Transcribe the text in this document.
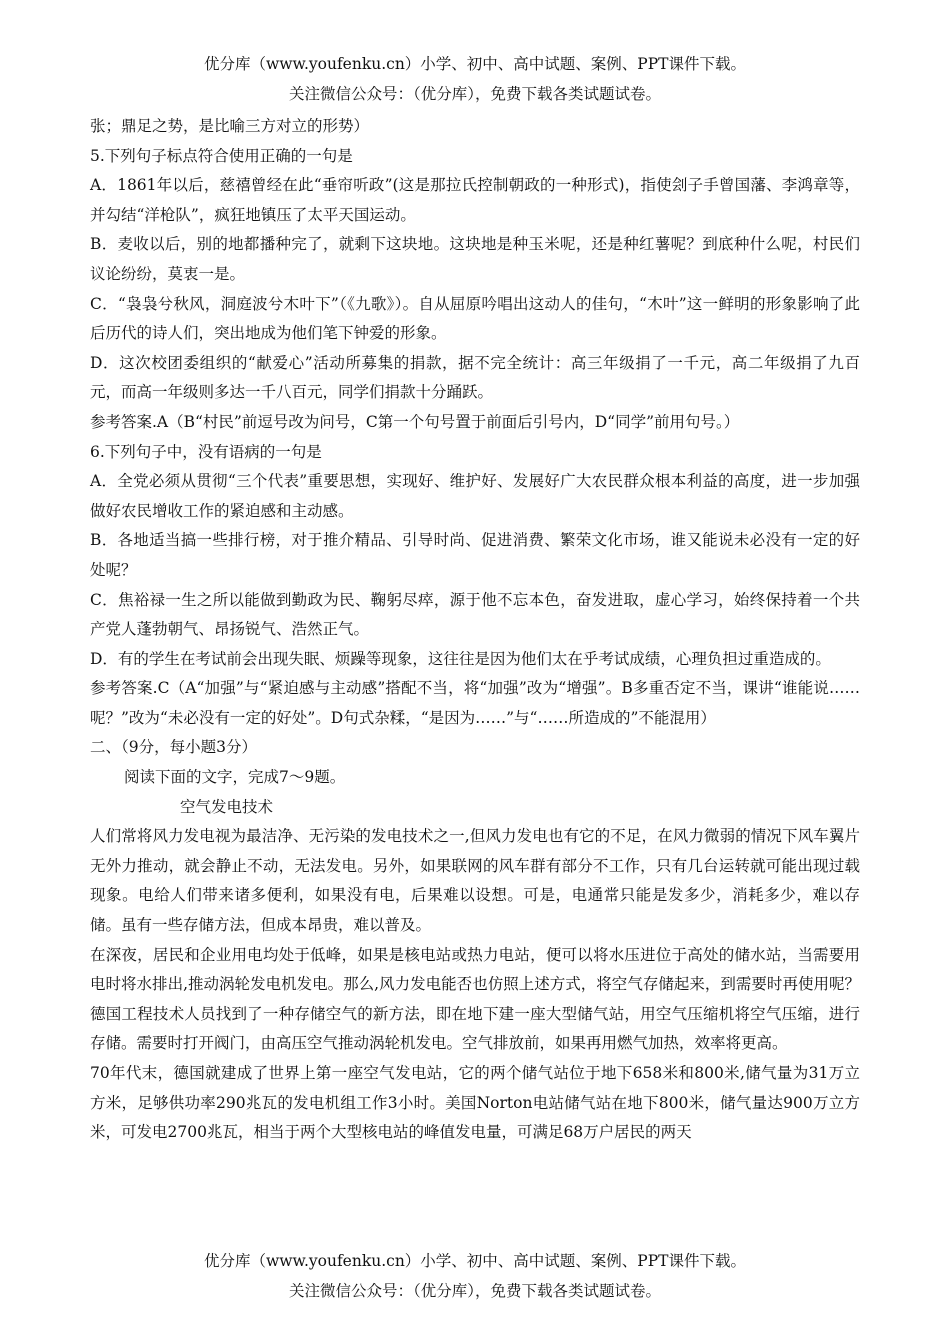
优分库（www.youfenku.cn）小学、初中、高中试题、案例、PPT课件下载。
关注微信公众号：（优分库），免费下载各类试题试卷。

张；鼎足之势，是比喻三方对立的形势）

5.下列句子标点符合使用正确的一句是

A．1861年以后，慈禧曾经在此“垂帘听政”(这是那拉氏控制朝政的一种形式)，指使刽子手曾国藩、李鸿章等，并勾结“洋枪队”，疯狂地镇压了太平天国运动。

B．麦收以后，别的地都播种完了，就剩下这块地。这块地是种玉米呢，还是种红薯呢？到底种什么呢，村民们议论纷纷，莫衷一是。

C．“袅袅兮秋风，洞庭波兮木叶下”（《九歌》）。自从屈原吟唱出这动人的佳句，“木叶”这一鲜明的形象影响了此后历代的诗人们，突出地成为他们笔下钟爱的形象。

D．这次校团委组织的“献爱心”活动所募集的捐款，据不完全统计：高三年级捐了一千元，高二年级捐了九百元，而高一年级则多达一千八百元，同学们捐款十分踊跃。

参考答案.A（B“村民”前逗号改为问号，C第一个句号置于前面后引号内，D“同学”前用句号。）

6.下列句子中，没有语病的一句是

A．全党必须从贯彻“三个代表”重要思想，实现好、维护好、发展好广大农民群众根本利益的高度，进一步加强做好农民增收工作的紧迫感和主动感。

B．各地适当搞一些排行榜，对于推介精品、引导时尚、促进消费、繁荣文化市场，谁又能说未必没有一定的好处呢？

C．焦裕禄一生之所以能做到勤政为民、鞠躬尽瘁，源于他不忘本色，奋发进取，虚心学习，始终保持着一个共产党人蓬勃朝气、昂扬锐气、浩然正气。

D．有的学生在考试前会出现失眠、烦躁等现象，这往往是因为他们太在乎考试成绩，心理负担过重造成的。

参考答案.C（A“加强”与“紧迫感与主动感”搭配不当，将“加强”改为“增强”。B多重否定不当，课讲“谁能说……呢？”改为“未必没有一定的好处”。D句式杂糅，“是因为……”与“……所造成的”不能混用）

二、（9分，每小题3分）

阅读下面的文字，完成7～9题。

空气发电技术

人们常将风力发电视为最洁净、无污染的发电技术之一,但风力发电也有它的不足，在风力微弱的情况下风车翼片无外力推动，就会静止不动，无法发电。另外，如果联网的风车群有部分不工作，只有几台运转就可能出现过载现象。电给人们带来诸多便利，如果没有电，后果难以设想。可是，电通常只能是发多少，消耗多少，难以存储。虽有一些存储方法，但成本昂贵，难以普及。

在深夜，居民和企业用电均处于低峰，如果是核电站或热力电站，便可以将水压进位于高处的储水站，当需要用电时将水排出,推动涡轮发电机发电。那么,风力发电能否也仿照上述方式，将空气存储起来，到需要时再使用呢？德国工程技术人员找到了一种存储空气的新方法，即在地下建一座大型储气站，用空气压缩机将空气压缩，进行存储。需要时打开阀门，由高压空气推动涡轮机发电。空气排放前，如果再用燃气加热，效率将更高。

70年代末，德国就建成了世界上第一座空气发电站，它的两个储气站位于地下658米和800米,储气量为31万立方米，足够供功率290兆瓦的发电机组工作3小时。美国Norton电站储气站在地下800米，储气量达900万立方米，可发电2700兆瓦，相当于两个大型核电站的峰值发电量，可满足68万户居民的两天

优分库（www.youfenku.cn）小学、初中、高中试题、案例、PPT课件下载。
关注微信公众号：（优分库），免费下载各类试题试卷。
